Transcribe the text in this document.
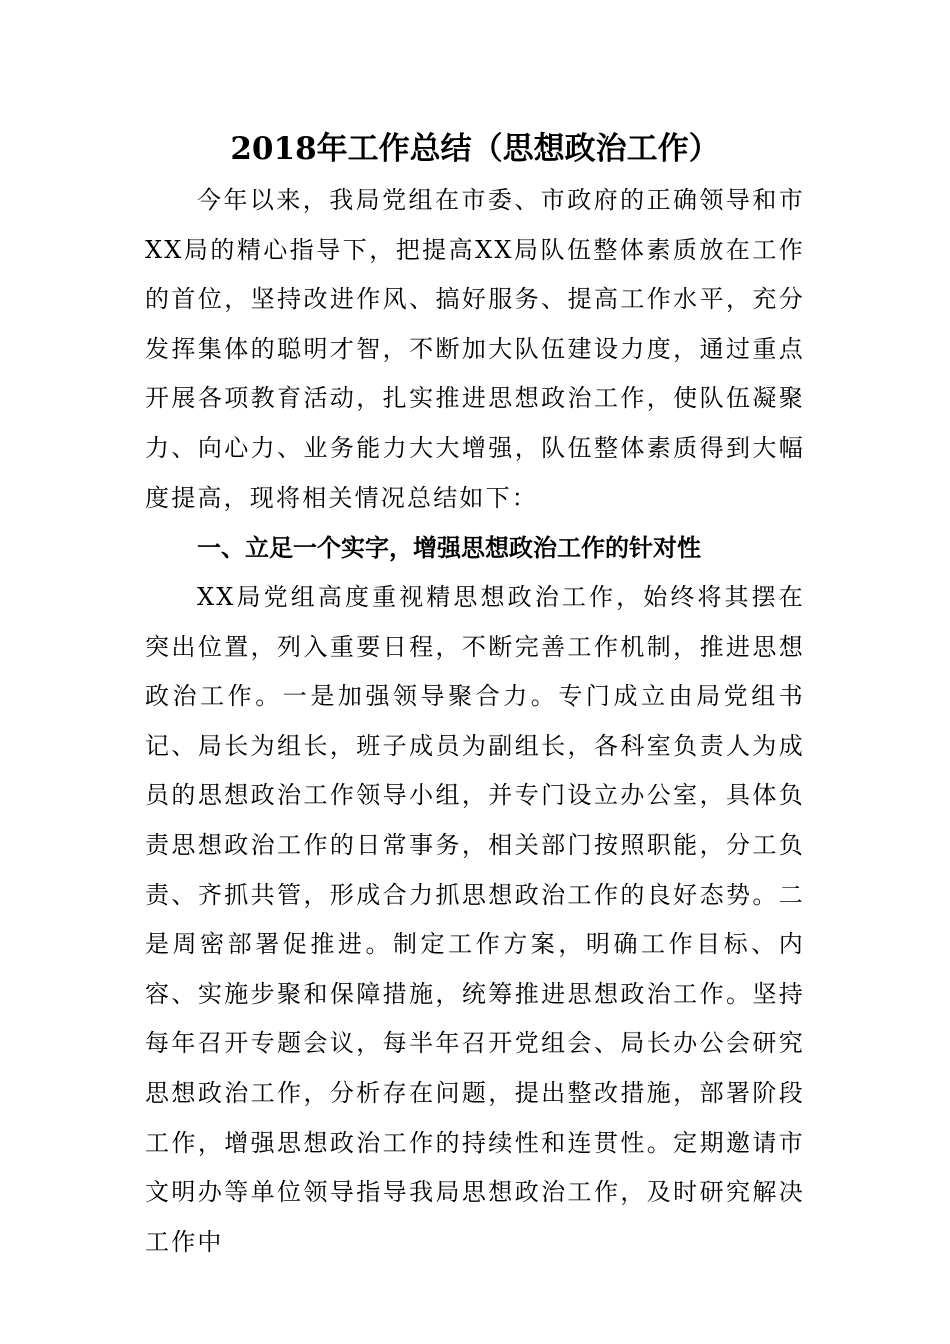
2018年工作总结（思想政治工作）

今年以来，我局党组在市委、市政府的正确领导和市XX局的精心指导下，把提高XX局队伍整体素质放在工作的首位，坚持改进作风、搞好服务、提高工作水平，充分发挥集体的聪明才智，不断加大队伍建设力度，通过重点开展各项教育活动，扎实推进思想政治工作，使队伍凝聚力、向心力、业务能力大大增强，队伍整体素质得到大幅度提高，现将相关情况总结如下：

一、立足一个实字，增强思想政治工作的针对性

XX局党组高度重视精思想政治工作，始终将其摆在突出位置，列入重要日程，不断完善工作机制，推进思想政治工作。一是加强领导聚合力。专门成立由局党组书记、局长为组长，班子成员为副组长，各科室负责人为成员的思想政治工作领导小组，并专门设立办公室，具体负责思想政治工作的日常事务，相关部门按照职能，分工负责、齐抓共管，形成合力抓思想政治工作的良好态势。二是周密部署促推进。制定工作方案，明确工作目标、内容、实施步聚和保障措施，统筹推进思想政治工作。坚持每年召开专题会议，每半年召开党组会、局长办公会研究思想政治工作，分析存在问题，提出整改措施，部署阶段工作，增强思想政治工作的持续性和连贯性。定期邀请市文明办等单位领导指导我局思想政治工作，及时研究解决工作中
